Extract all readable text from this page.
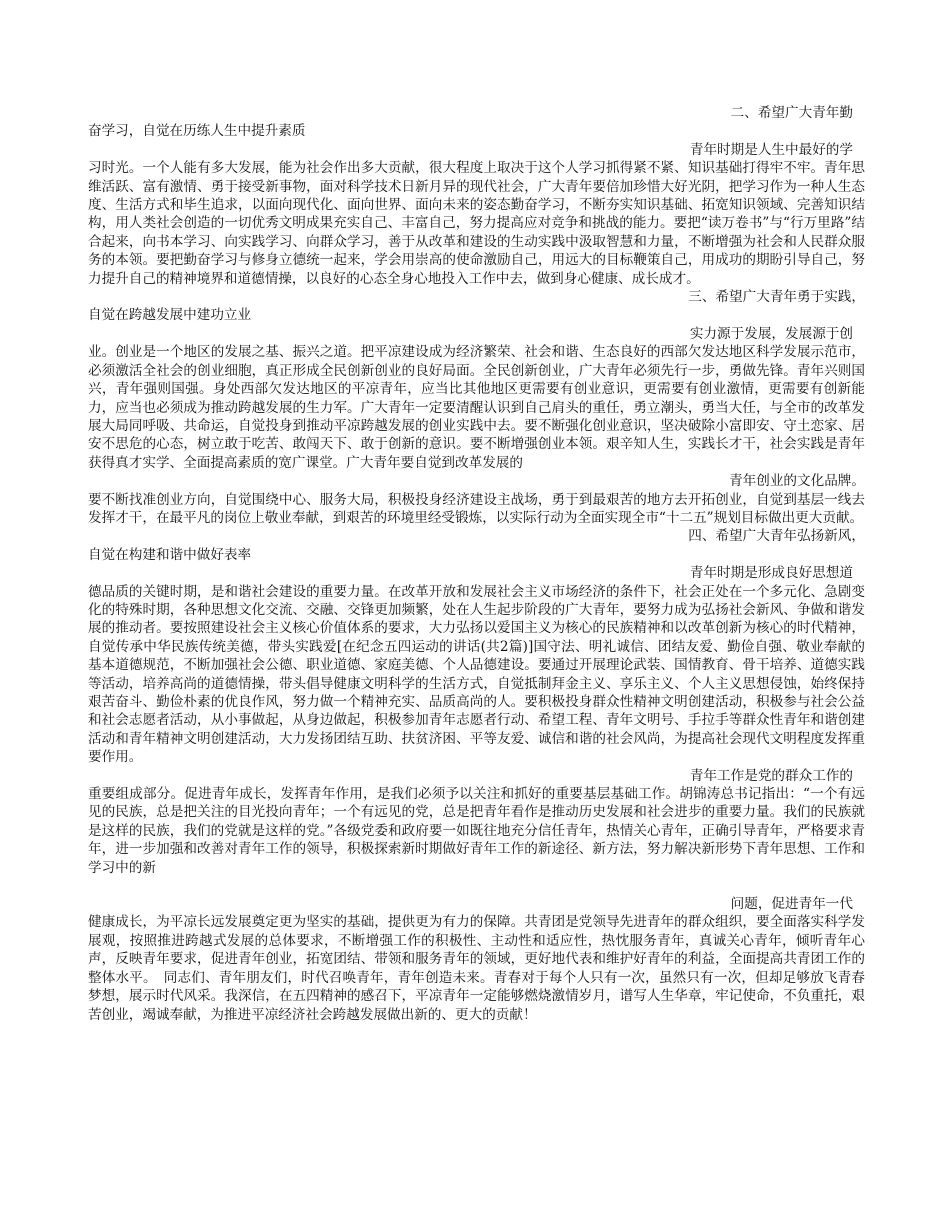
二、希望广大青年勤
奋学习，自觉在历练人生中提升素质
青年时期是人生中最好的学

习时光。一个人能有多大发展，能为社会作出多大贡献，很大程度上取决于这个人学习抓得紧不紧、知识基础打得牢不牢。青年思维活跃、富有激情、勇于接受新事物，面对科学技术日新月异的现代社会，广大青年要倍加珍惜大好光阴，把学习作为一种人生态度、生活方式和毕生追求，以面向现代化、面向世界、面向未来的姿态勤奋学习，不断夯实知识基础、拓宽知识领域、完善知识结构，用人类社会创造的一切优秀文明成果充实自己、丰富自己，努力提高应对竞争和挑战的能力。要把“读万卷书”与“行万里路”结合起来，向书本学习、向实践学习、向群众学习，善于从改革和建设的生动实践中汲取智慧和力量，不断增强为社会和人民群众服务的本领。要把勤奋学习与修身立德统一起来，学会用崇高的使命激励自己，用远大的目标鞭策自己，用成功的期盼引导自己，努力提升自己的精神境界和道德情操，以良好的心态全身心地投入工作中去，做到身心健康、成长成才。

三、希望广大青年勇于实践，
自觉在跨越发展中建功立业
实力源于发展，发展源于创

业。创业是一个地区的发展之基、振兴之道。把平凉建设成为经济繁荣、社会和谐、生态良好的西部欠发达地区科学发展示范市，必须激活全社会的创业细胞，真正形成全民创新创业的良好局面。全民创新创业，广大青年必须先行一步，勇做先锋。青年兴则国兴，青年强则国强。身处西部欠发达地区的平凉青年，应当比其他地区更需要有创业意识，更需要有创业激情，更需要有创新能力，应当也必须成为推动跨越发展的生力军。广大青年一定要清醒认识到自己肩头的重任，勇立潮头，勇当大任，与全市的改革发展大局同呼吸、共命运，自觉投身到推动平凉跨越发展的创业实践中去。要不断强化创业意识，坚决破除小富即安、守土恋家、居安不思危的心态，树立敢于吃苦、敢闯天下、敢于创新的意识。要不断增强创业本领。艰辛知人生，实践长才干，社会实践是青年获得真才实学、全面提高素质的宽广课堂。广大青年要自觉到改革发展的

青年创业的文化品牌。

要不断找准创业方向，自觉围绕中心、服务大局，积极投身经济建设主战场，勇于到最艰苦的地方去开拓创业，自觉到基层一线去发挥才干，在最平凡的岗位上敬业奉献，到艰苦的环境里经受锻炼，以实际行动为全面实现全市“十二五”规划目标做出更大贡献。

四、希望广大青年弘扬新风，
自觉在构建和谐中做好表率
青年时期是形成良好思想道

德品质的关键时期，是和谐社会建设的重要力量。在改革开放和发展社会主义市场经济的条件下，社会正处在一个多元化、急剧变化的特殊时期，各种思想文化交流、交融、交锋更加频繁，处在人生起步阶段的广大青年，要努力成为弘扬社会新风、争做和谐发展的推动者。要按照建设社会主义核心价值体系的要求，大力弘扬以爱国主义为核心的民族精神和以改革创新为核心的时代精神，自觉传承中华民族传统美德，带头实践爱[在纪念五四运动的讲话(共2篇)]国守法、明礼诚信、团结友爱、勤俭自强、敬业奉献的基本道德规范，不断加强社会公德、职业道德、家庭美德、个人品德建设。要通过开展理论武装、国情教育、骨干培养、道德实践等活动，培养高尚的道德情操，带头倡导健康文明科学的生活方式，自觉抵制拜金主义、享乐主义、个人主义思想侵蚀，始终保持艰苦奋斗、勤俭朴素的优良作风，努力做一个精神充实、品质高尚的人。要积极投身群众性精神文明创建活动，积极参与社会公益和社会志愿者活动，从小事做起，从身边做起，积极参加青年志愿者行动、希望工程、青年文明号、手拉手等群众性青年和谐创建活动和青年精神文明创建活动，大力发扬团结互助、扶贫济困、平等友爱、诚信和谐的社会风尚，为提高社会现代文明程度发挥重要作用。

青年工作是党的群众工作的

重要组成部分。促进青年成长，发挥青年作用，是我们必须予以关注和抓好的重要基层基础工作。胡锦涛总书记指出：“一个有远见的民族，总是把关注的目光投向青年；一个有远见的党，总是把青年看作是推动历史发展和社会进步的重要力量。我们的民族就是这样的民族，我们的党就是这样的党。”各级党委和政府要一如既往地充分信任青年，热情关心青年，正确引导青年，严格要求青年，进一步加强和改善对青年工作的领导，积极探索新时期做好青年工作的新途径、新方法，努力解决新形势下青年思想、工作和学习中的新

问题，促进青年一代

健康成长，为平凉长远发展奠定更为坚实的基础，提供更为有力的保障。共青团是党领导先进青年的群众组织，要全面落实科学发展观，按照推进跨越式发展的总体要求，不断增强工作的积极性、主动性和适应性，热忱服务青年，真诚关心青年，倾听青年心声，反映青年要求，促进青年创业，拓宽团结、带领和服务青年的领域，更好地代表和维护好青年的利益，全面提高共青团工作的整体水平。　同志们、青年朋友们，时代召唤青年，青年创造未来。青春对于每个人只有一次，虽然只有一次，但却足够放飞青春梦想，展示时代风采。我深信，在五四精神的感召下，平凉青年一定能够燃烧激情岁月，谱写人生华章，牢记使命，不负重托，艰苦创业，竭诚奉献，为推进平凉经济社会跨越发展做出新的、更大的贡献！
